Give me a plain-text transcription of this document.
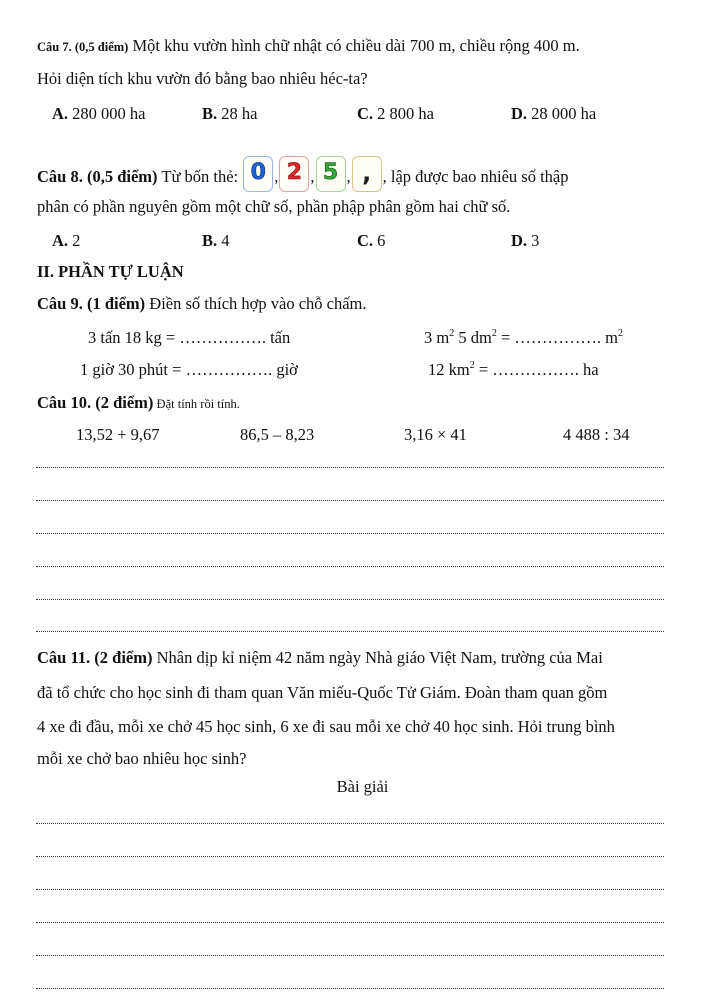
Câu 7. (0,5 điểm) Một khu vườn hình chữ nhật có chiều dài 700 m, chiều rộng 400 m.
Hỏi diện tích khu vườn đó bằng bao nhiêu héc-ta?
A. 280 000 ha	B. 28 ha	C. 2 800 ha	D. 28 000 ha
Câu 8. (0,5 điểm) Từ bốn thẻ: 0 , 2 , 5 , , , lập được bao nhiêu số thập
phân có phần nguyên gồm một chữ số, phần phập phân gồm hai chữ số.
A. 2	B. 4	C. 6	D. 3
II. PHẦN TỰ LUẬN
Câu 9. (1 điểm) Điền số thích hợp vào chỗ chấm.
3 tấn 18 kg = ……………. tấn	3 $m^2$ 5 $dm^2$ = ……………. $m^2$
1 giờ 30 phút = ……………. giờ	12 $km^2$ = ……………. ha
Câu 10. (2 điểm) Đặt tính rồi tính.
13,52 + 9,67	86,5 – 8,23	3,16 × 41	4 488 : 34
Câu 11. (2 điểm) Nhân dịp kỉ niệm 42 năm ngày Nhà giáo Việt Nam, trường của Mai
đã tổ chức cho học sinh đi tham quan Văn miếu-Quốc Tử Giám. Đoàn tham quan gồm
4 xe đi đầu, mỗi xe chở 45 học sinh, 6 xe đi sau mỗi xe chở 40 học sinh. Hỏi trung bình
mỗi xe chở bao nhiêu học sinh?
Bài giải
